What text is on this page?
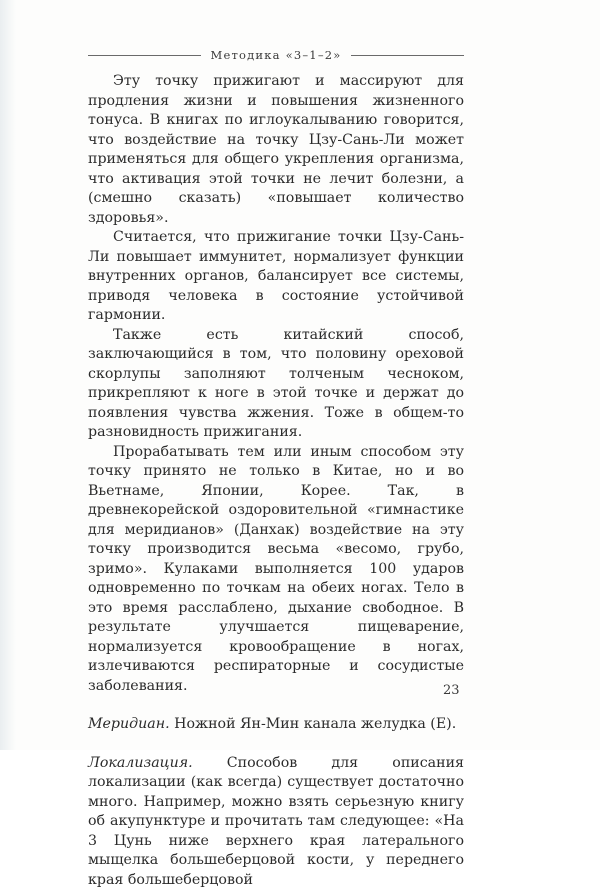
Методика «3–1–2»

Эту точку прижигают и массируют для продления жизни и повышения жизненного тонуса. В книгах по иглоукалыванию говорится, что воздействие на точку Цзу-Сань-Ли может применяться для общего укрепления организма, что активация этой точки не лечит болезни, а (смешно сказать) «повышает количество здоровья».

Считается, что прижигание точки Цзу-Сань-Ли повышает иммунитет, нормализует функции внутренних органов, балансирует все системы, приводя человека в состояние устойчивой гармонии.

Также есть китайский способ, заключающийся в том, что половину ореховой скорлупы заполняют толченым чесноком, прикрепляют к ноге в этой точке и держат до появления чувства жжения. Тоже в общем-то разновидность прижигания.

Прорабатывать тем или иным способом эту точку принято не только в Китае, но и во Вьетнаме, Японии, Корее. Так, в древнекорейской оздоровительной «гимнастике для меридианов» (Данхак) воздействие на эту точку производится весьма «весомо, грубо, зримо». Кулаками выполняется 100 ударов одновременно по точкам на обеих ногах. Тело в это время расслаблено, дыхание свободное. В результате улучшается пищеварение, нормализуется кровообращение в ногах, излечиваются респираторные и сосудистые заболевания.

Меридиан. Ножной Ян-Мин канала желудка (E).

Локализация. Способов для описания локализации (как всегда) существует достаточно много. Например, можно взять серьезную книгу об акупунктуре и прочитать там следующее: «На 3 Цунь ниже верхнего края латерального мыщелка большеберцовой кости, у переднего края большеберцовой

23
